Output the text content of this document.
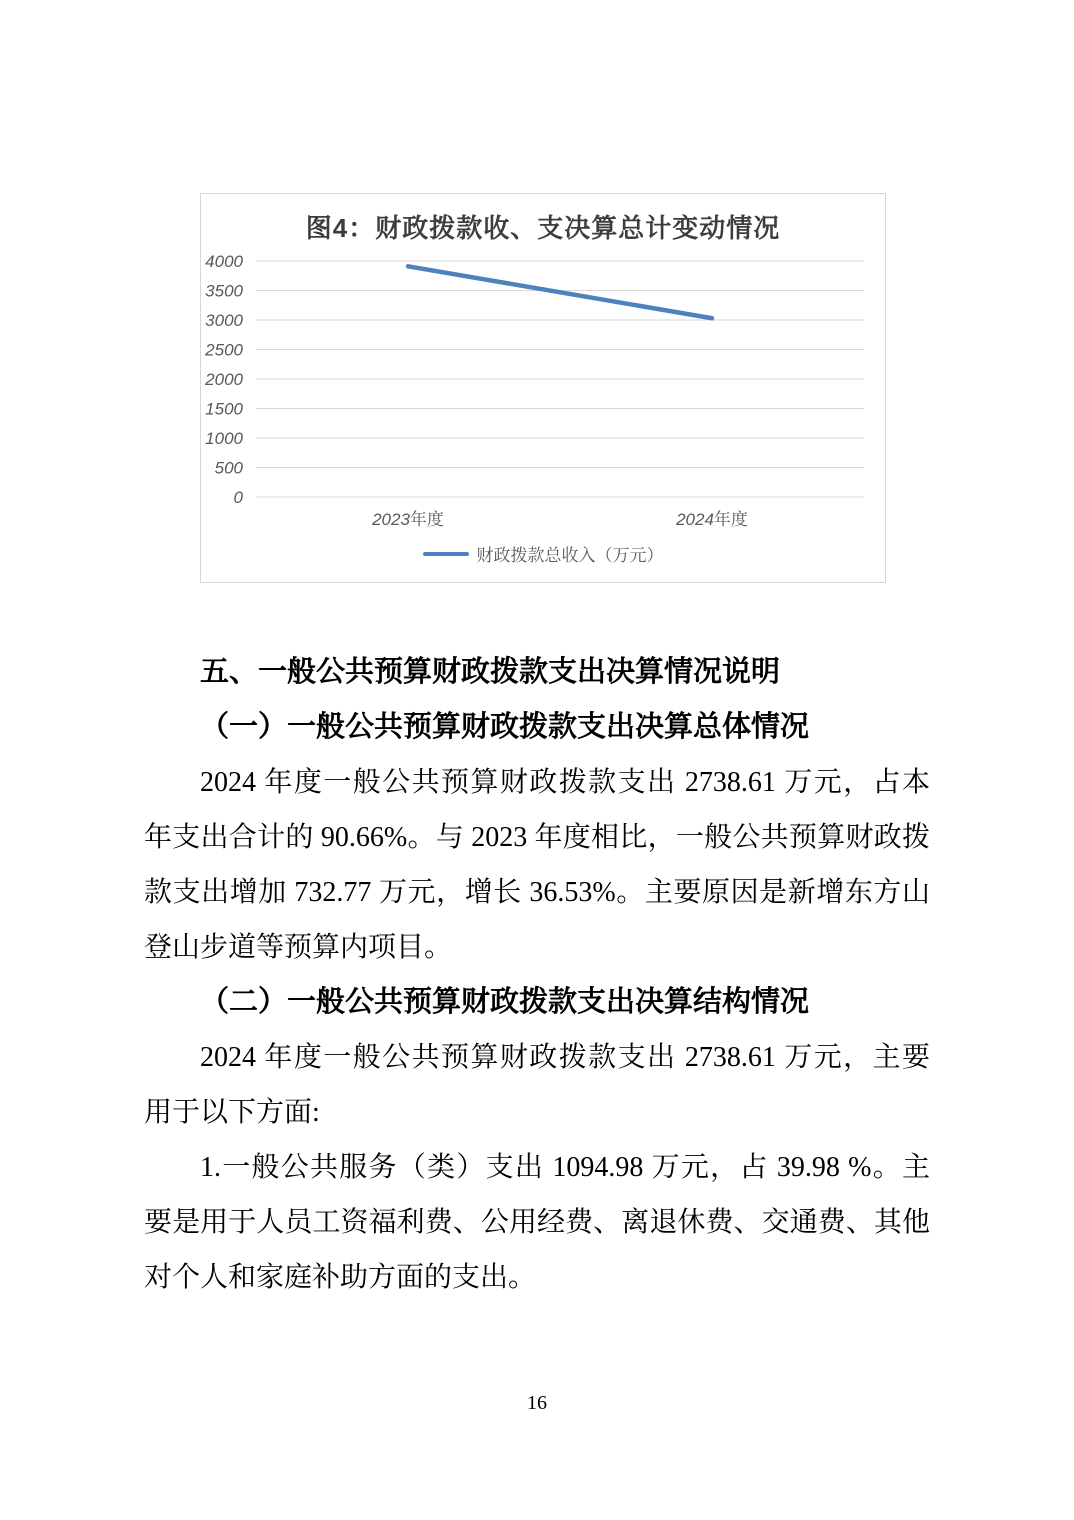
图4：财政拨款收、支决算总计变动情况
0
500
1000
1500
2000
2500
3000
3500
4000
2023年度	2024年度
财政拨款总收入（万元）
五、一般公共预算财政拨款支出决算情况说明
（一）一般公共预算财政拨款支出决算总体情况

2024 年度一般公共预算财政拨款支出 2738.61 万元，占本

年支出合计的 90.66%。与 2023 年度相比，一般公共预算财政拨

款支出增加 732.77 万元，增长 36.53%。主要原因是新增东方山

登山步道等预算内项目。

（二）一般公共预算财政拨款支出决算结构情况

2024 年度一般公共预算财政拨款支出 2738.61 万元，主要

用于以下方面:

1.一般公共服务（类）支出 1094.98 万元，占 39.98 %。主

要是用于人员工资福利费、公用经费、离退休费、交通费、其他

对个人和家庭补助方面的支出。

16
